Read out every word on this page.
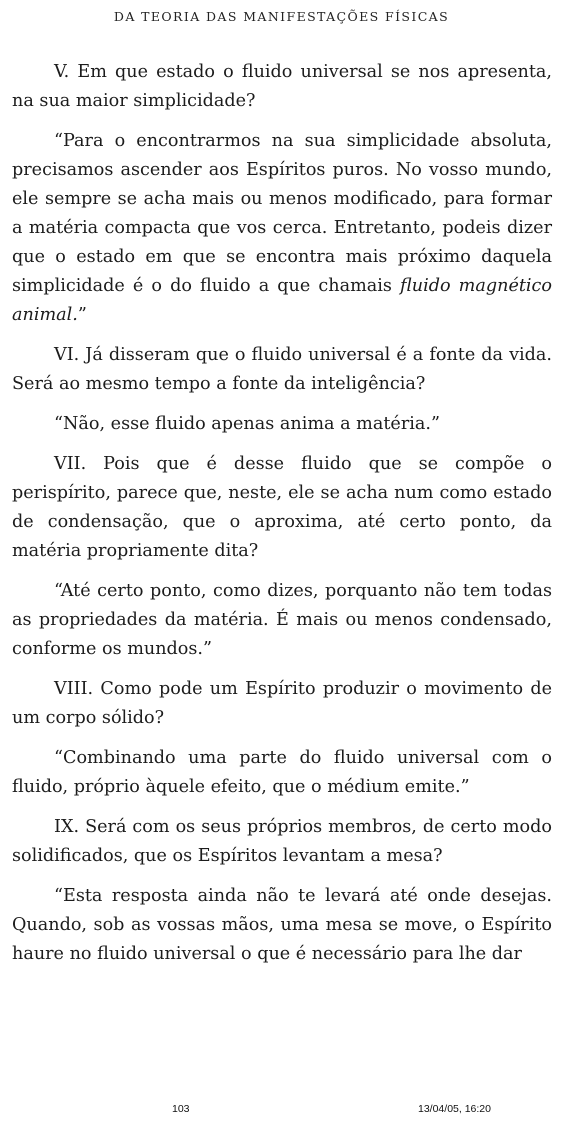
DA TEORIA DAS MANIFESTAÇÕES FÍSICAS

V. Em que estado o fluido universal se nos apresenta, na sua maior simplicidade?

“Para o encontrarmos na sua simplicidade absoluta, precisamos ascender aos Espíritos puros. No vosso mundo, ele sempre se acha mais ou menos modificado, para formar a matéria compacta que vos cerca. Entretanto, podeis dizer que o estado em que se encontra mais próximo daquela simplicidade é o do fluido a que chamais fluido magnético animal.”

VI. Já disseram que o fluido universal é a fonte da vida. Será ao mesmo tempo a fonte da inteligência?

“Não, esse fluido apenas anima a matéria.”

VII. Pois que é desse fluido que se compõe o perispírito, parece que, neste, ele se acha num como estado de condensação, que o aproxima, até certo ponto, da matéria propriamente dita?

“Até certo ponto, como dizes, porquanto não tem todas as propriedades da matéria. É mais ou menos condensado, conforme os mundos.”

VIII. Como pode um Espírito produzir o movimento de um corpo sólido?

“Combinando uma parte do fluido universal com o fluido, próprio àquele efeito, que o médium emite.”

IX. Será com os seus próprios membros, de certo modo solidificados, que os Espíritos levantam a mesa?

“Esta resposta ainda não te levará até onde desejas. Quando, sob as vossas mãos, uma mesa se move, o Espírito haure no fluido universal o que é necessário para lhe dar

103	13/04/05, 16:20
